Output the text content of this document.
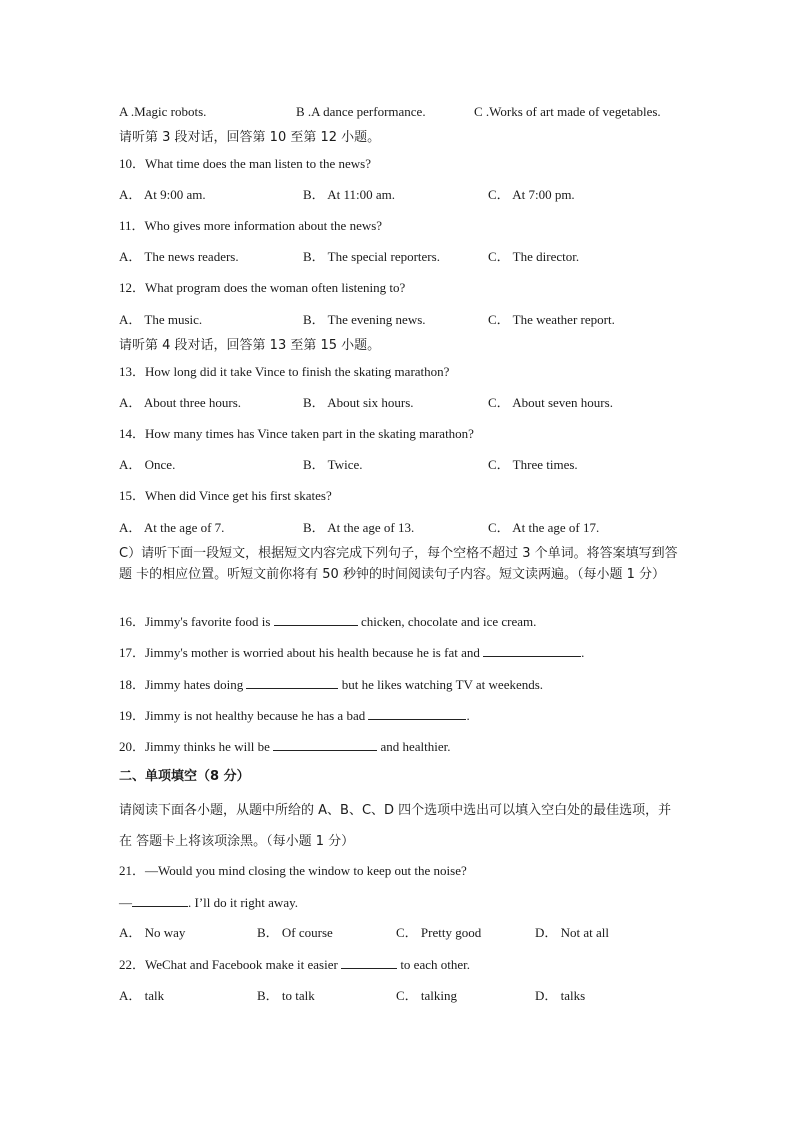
A .Magic robots.	B .A dance performance.	C .Works of art made of vegetables.
请听第 3 段对话，回答第 10 至第 12 小题。
10．What time does the man listen to the news?
A． At 9:00 am.	B． At 11:00 am.	C． At 7:00 pm.
11．Who gives more information about the news?
A． The news readers.	B． The special reporters.	C． The director.
12．What program does the woman often listening to?
A． The music.	B． The evening news.	C． The weather report.
请听第 4 段对话，回答第 13 至第 15 小题。
13．How long did it take Vince to finish the skating marathon?
A． About three hours.	B． About six hours.	C． About seven hours.
14．How many times has Vince taken part in the skating marathon?
A． Once.	B． Twice.	C． Three times.
15．When did Vince get his first skates?
A． At the age of 7.	B． At the age of 13.	C． At the age of 17.
C）请听下面一段短文，根据短文内容完成下列句子，每个空格不超过 3 个单词。将答案填写到答题 卡的相应位置。听短文前你将有 50 秒钟的时间阅读句子内容。短文读两遍。（每小题 1 分）
16．Jimmy's favorite food is	chicken, chocolate and ice cream.
17．Jimmy's mother is worried about his health because he is fat and	.
18．Jimmy hates doing	but he likes watching TV at weekends.
19．Jimmy is not healthy because he has a bad	.
20．Jimmy thinks he will be	and healthier.
二、单项填空（8 分）
请阅读下面各小题，从题中所给的 A、B、C、D 四个选项中选出可以填入空白处的最佳选项，并在 答题卡上将该项涂黑。（每小题 1 分）
21．—Would you mind closing the window to keep out the noise?
—	. I’ll do it right away.
A． No way	B． Of course	C． Pretty good	D． Not at all
22．WeChat and Facebook make it easier	to each other.
A． talk	B． to talk	C． talking	D． talks
